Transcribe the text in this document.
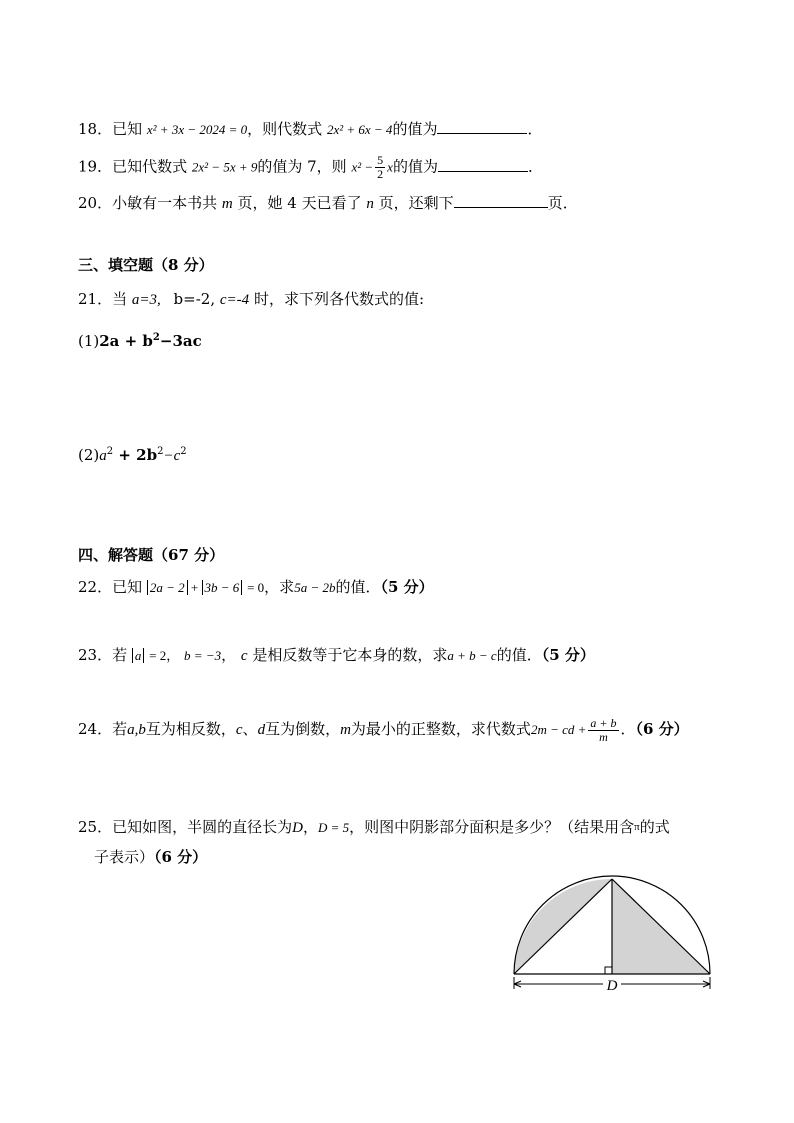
18．已知 x² + 3x − 2024 = 0，则代数式 2x² + 6x − 4的值为	．
19．已知代数式 2x² − 5x + 9的值为 7，则 $x^2 - \frac{5}{2}$ x的值为	．
20．小敏有一本书共 m 页，她 4 天已看了 n 页，还剩下	页．
三、填空题（8 分）
21．当 a=3, b=-2, c=-4 时，求下列各代数式的值:
$(1)2a + b^2-3ac$
$(2)a^2 + 2b^2-c^2$
四、解答题（67 分）
22．已知 2a − 2 + 3b − 6 = 0，求5a − 2b的值．（5 分）
23．若 a = 2， b = −3， c 是相反数等于它本身的数，求a + b − c的值．（5 分）
24．若a,b互为相反数，c、d互为倒数，m为最小的正整数，求代数式2m − cd + $\frac{a + b}{m}$ ．（6 分）
25．已知如图，半圆的直径长为D，D = 5，则图中阴影部分面积是多少？（结果用含$^\pi$的式
子表示）（6 分）
D
